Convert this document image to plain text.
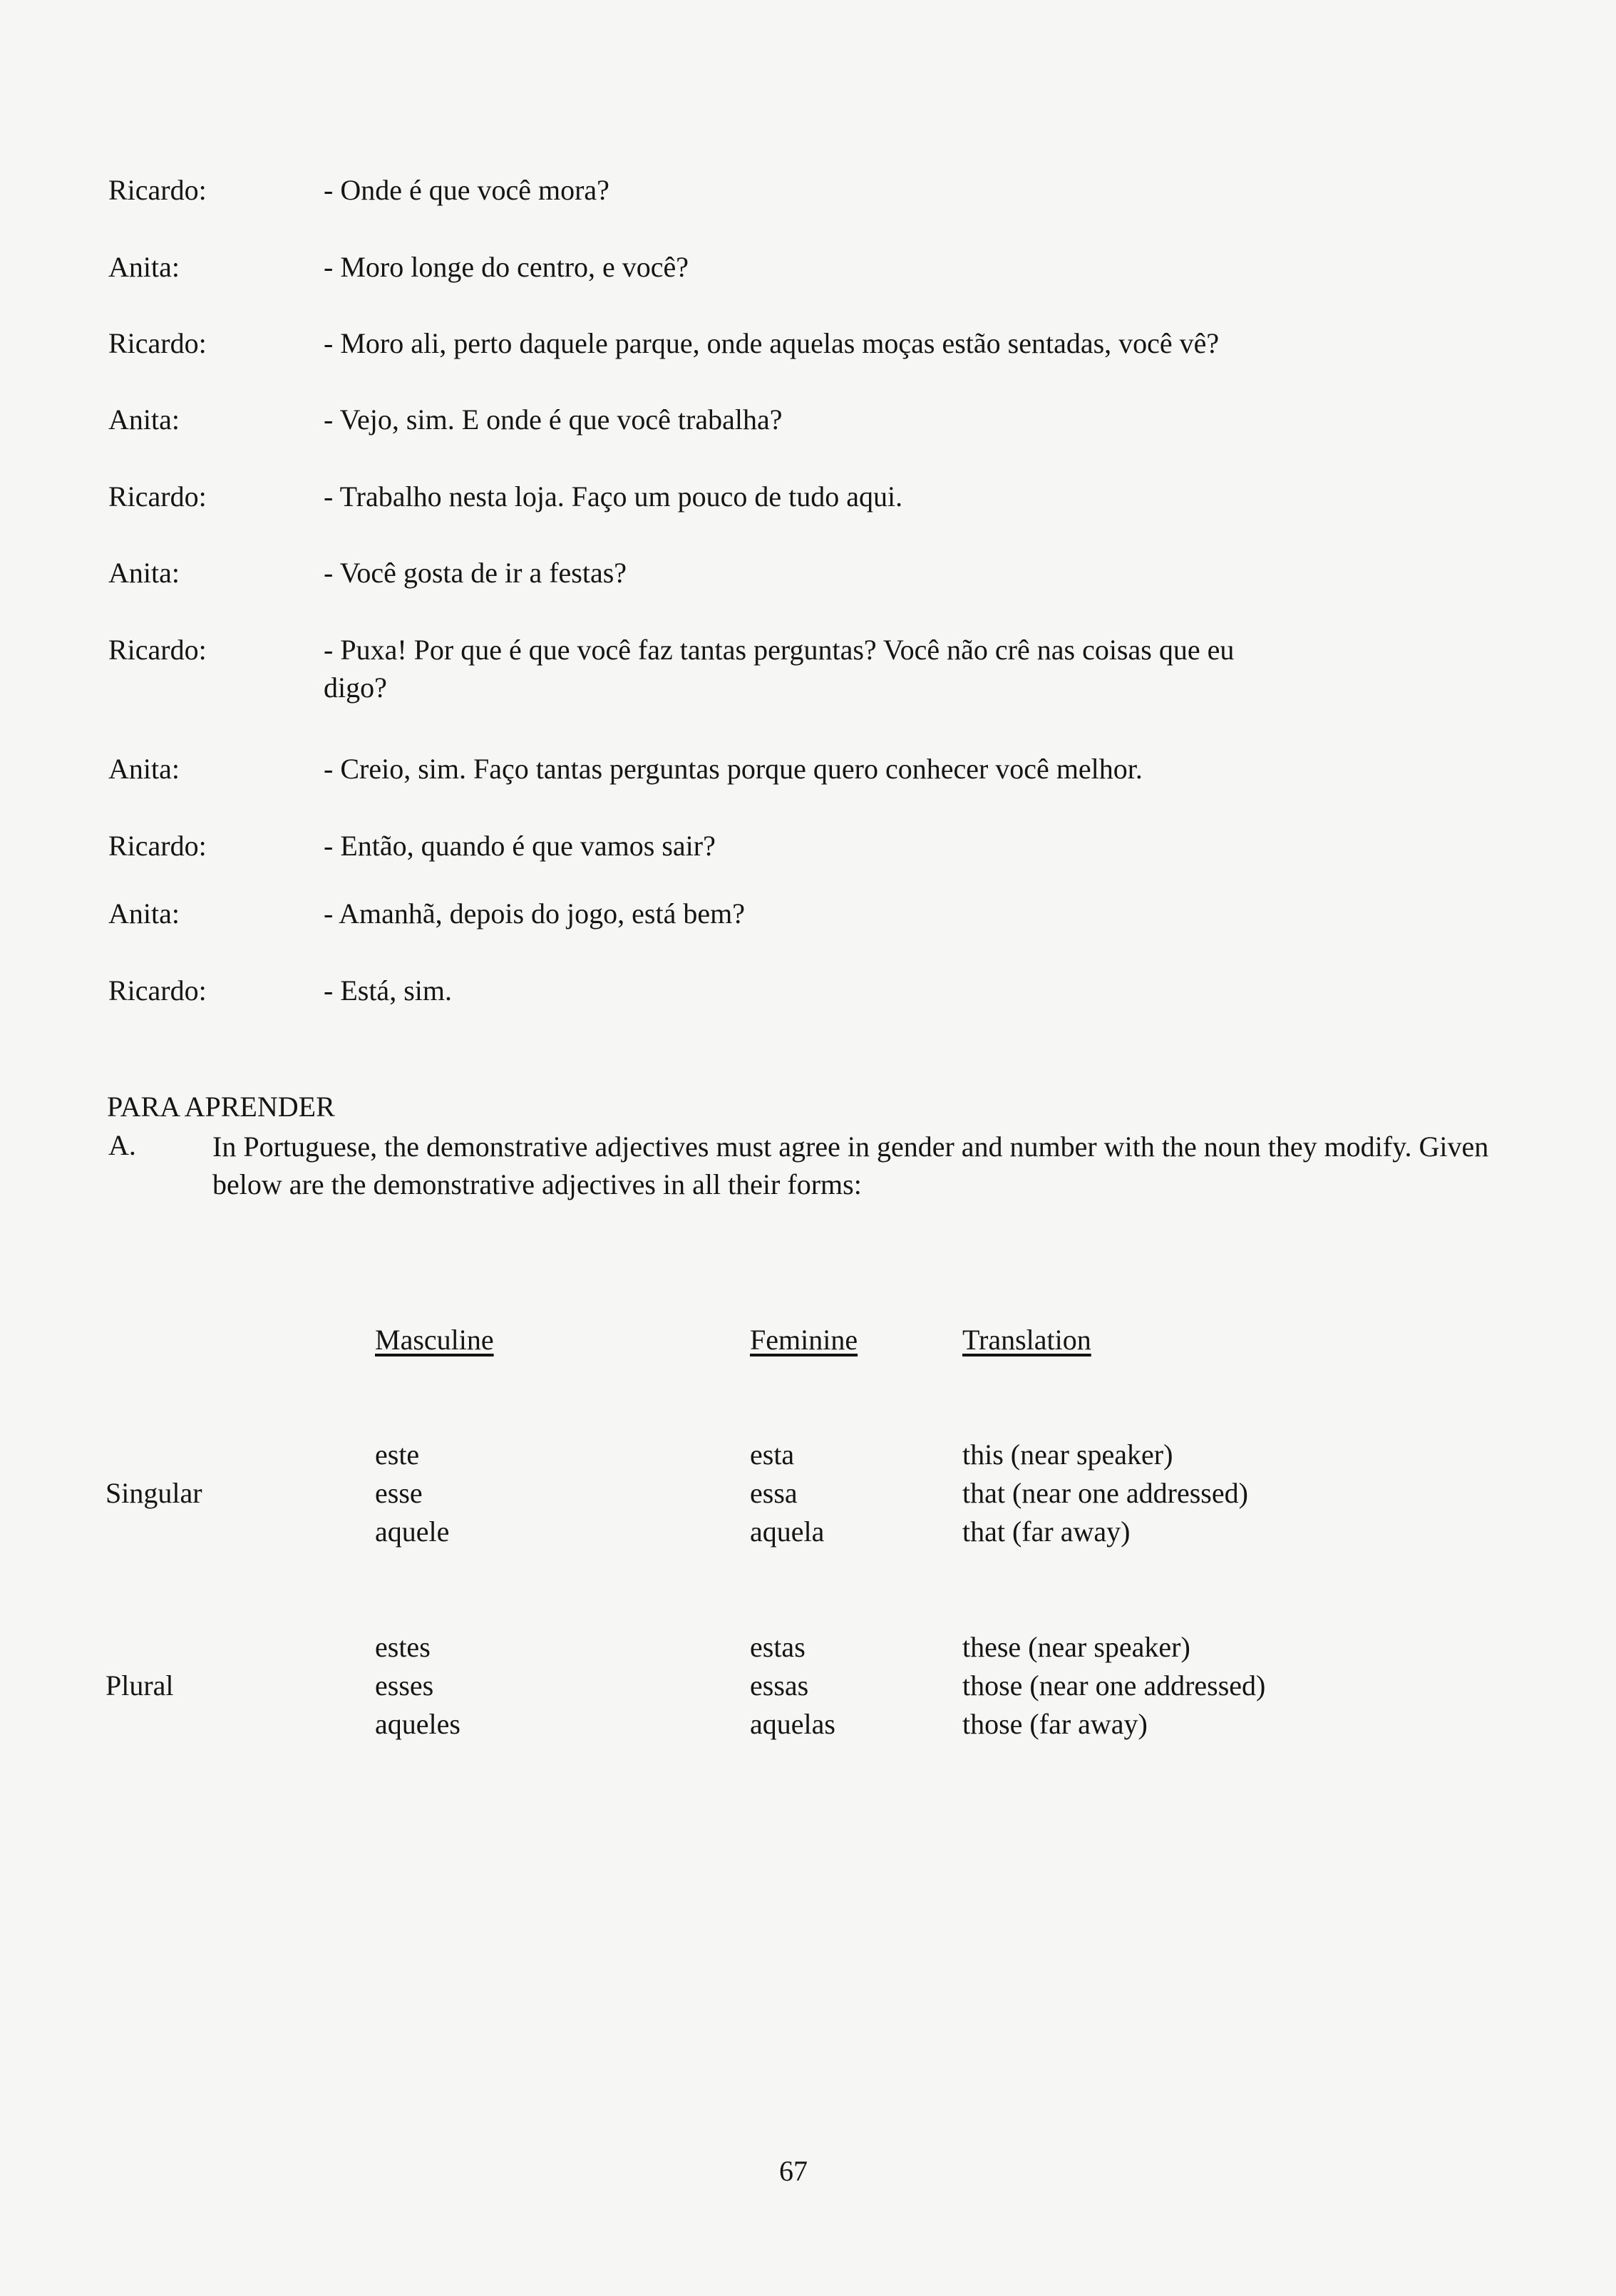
Ricardo:	- Onde é que você mora?
Anita:	- Moro longe do centro, e você?
Ricardo:	- Moro ali, perto daquele parque, onde aquelas moças estão sentadas, você vê?
Anita:	- Vejo, sim. E onde é que você trabalha?
Ricardo:	- Trabalho nesta loja. Faço um pouco de tudo aqui.
Anita:	- Você gosta de ir a festas?
Ricardo:	- Puxa! Por que é que você faz tantas perguntas? Você não crê nas coisas que eu
digo?
Anita:	- Creio, sim. Faço tantas perguntas porque quero conhecer você melhor.
Ricardo:	- Então, quando é que vamos sair?
Anita:	- Amanhã, depois do jogo, está bem?
Ricardo:	- Está, sim.
PARA APRENDER
A.	In Portuguese, the demonstrative adjectives must agree in gender and number with the noun they modify. Given below are the demonstrative adjectives in all their forms:
Masculine	Feminine	Translation
Singular
este	esta	this (near speaker)
esse	essa	that (near one addressed)
aquele	aquela	that (far away)
Plural
estes	estas	these (near speaker)
esses	essas	those (near one addressed)
aqueles	aquelas	those (far away)
67
